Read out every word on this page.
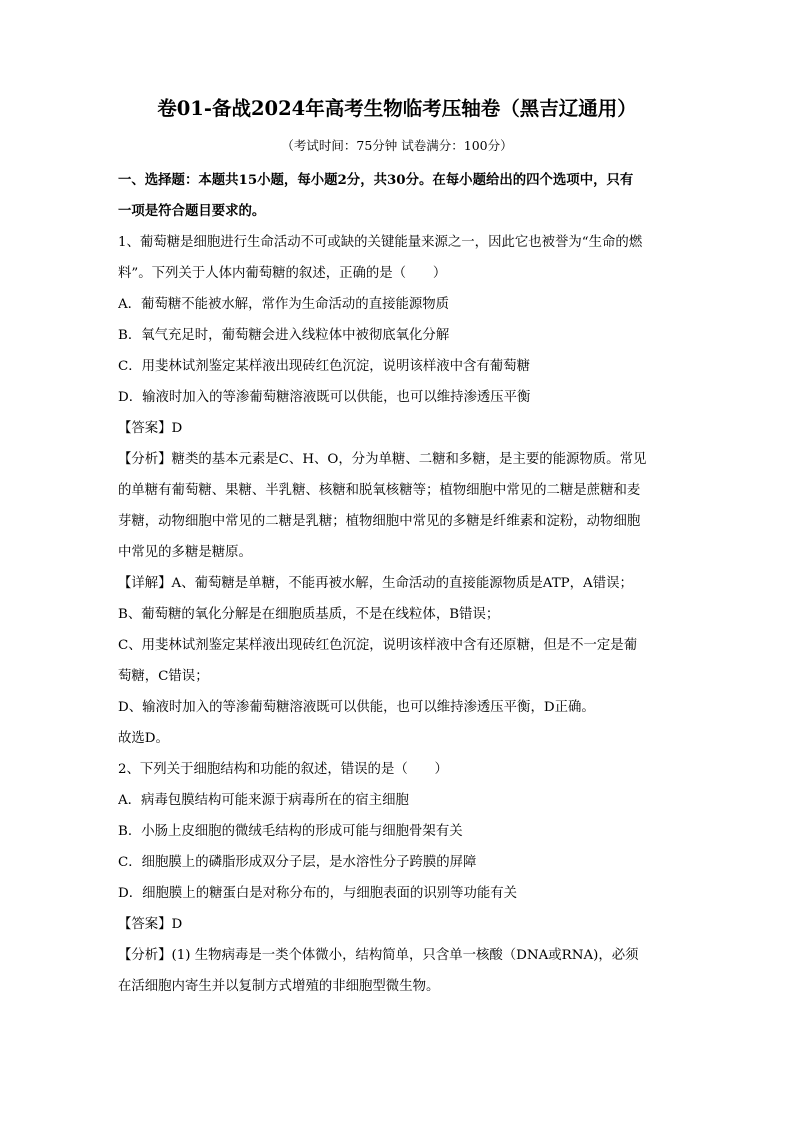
卷01-备战2024年高考生物临考压轴卷（黑吉辽通用）
（考试时间：75分钟 试卷满分：100分）
一、选择题：本题共15小题，每小题2分，共30分。在每小题给出的四个选项中，只有
一项是符合题目要求的。
1、葡萄糖是细胞进行生命活动不可或缺的关键能量来源之一，因此它也被誉为“生命的燃
料”。下列关于人体内葡萄糖的叙述，正确的是（　　）
A．葡萄糖不能被水解，常作为生命活动的直接能源物质
B．氧气充足时，葡萄糖会进入线粒体中被彻底氧化分解
C．用斐林试剂鉴定某样液出现砖红色沉淀，说明该样液中含有葡萄糖
D．输液时加入的等渗葡萄糖溶液既可以供能，也可以维持渗透压平衡
【答案】D
【分析】糖类的基本元素是C、H、O，分为单糖、二糖和多糖，是主要的能源物质。常见
的单糖有葡萄糖、果糖、半乳糖、核糖和脱氧核糖等；植物细胞中常见的二糖是蔗糖和麦
芽糖，动物细胞中常见的二糖是乳糖；植物细胞中常见的多糖是纤维素和淀粉，动物细胞
中常见的多糖是糖原。
【详解】A、葡萄糖是单糖，不能再被水解，生命活动的直接能源物质是ATP，A错误；
B、葡萄糖的氧化分解是在细胞质基质，不是在线粒体，B错误；
C、用斐林试剂鉴定某样液出现砖红色沉淀，说明该样液中含有还原糖，但是不一定是葡
萄糖，C错误；
D、输液时加入的等渗葡萄糖溶液既可以供能，也可以维持渗透压平衡，D正确。
故选D。
2、下列关于细胞结构和功能的叙述，错误的是（　　）
A．病毒包膜结构可能来源于病毒所在的宿主细胞
B．小肠上皮细胞的微绒毛结构的形成可能与细胞骨架有关
C．细胞膜上的磷脂形成双分子层，是水溶性分子跨膜的屏障
D．细胞膜上的糖蛋白是对称分布的，与细胞表面的识别等功能有关
【答案】D
【分析】(1) 生物病毒是一类个体微小，结构简单，只含单一核酸（DNA或RNA)，必须
在活细胞内寄生并以复制方式增殖的非细胞型微生物。
